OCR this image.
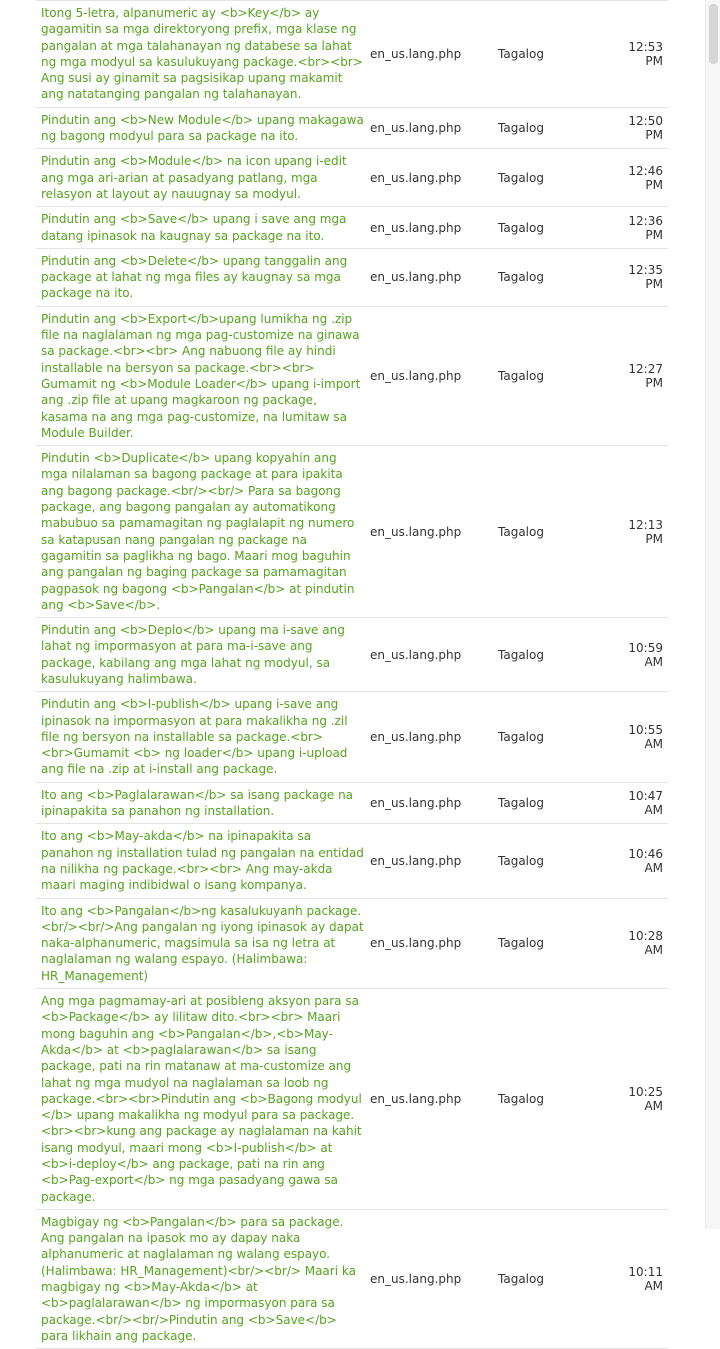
Itong 5-letra, alpanumeric ay <b>Key</b> ay gagamitin sa mga direktoryong prefix, mga klase ng pangalan at mga talahanayan ng databese sa lahat ng mga modyul sa kasulukuyang package.<br><br> Ang susi ay ginamit sa pagsisikap upang makamit ang natatanging pangalan ng talahanayan.	en_us.lang.php	Tagalog	12:53 PM
Pindutin ang <b>New Module</b> upang makagawa ng bagong modyul para sa package na ito.	en_us.lang.php	Tagalog	12:50 PM
Pindutin ang <b>Module</b> na icon upang i-edit ang mga ari-arian at pasadyang patlang, mga relasyon at layout ay nauugnay sa modyul.	en_us.lang.php	Tagalog	12:46 PM
Pindutin ang <b>Save</b> upang i save ang mga datang ipinasok na kaugnay sa package na ito.	en_us.lang.php	Tagalog	12:36 PM
Pindutin ang <b>Delete</b> upang tanggalin ang package at lahat ng mga files ay kaugnay sa mga package na ito.	en_us.lang.php	Tagalog	12:35 PM
Pindutin ang <b>Export</b>upang lumikha ng .zip file na naglalaman ng mga pag-customize na ginawa sa package.<br><br> Ang nabuong file ay hindi installable na bersyon sa package.<br><br> Gumamit ng <b>Module Loader</b> upang i-import ang .zip file at upang magkaroon ng package, kasama na ang mga pag-customize, na lumitaw sa Module Builder.	en_us.lang.php	Tagalog	12:27 PM
Pindutin <b>Duplicate</b> upang kopyahin ang mga nilalaman sa bagong package at para ipakita ang bagong package.<br/><br/> Para sa bagong package, ang bagong pangalan ay automatikong mabubuo sa pamamagitan ng paglalapit ng numero sa katapusan nang pangalan ng package na gagamitin sa paglikha ng bago. Maari mog baguhin ang pangalan ng baging package sa pamamagitan pagpasok ng bagong <b>Pangalan</b> at pindutin ang <b>Save</b>.	en_us.lang.php	Tagalog	12:13 PM
Pindutin ang <b>Deplo</b> upang ma i-save ang lahat ng impormasyon at para ma-i-save ang package, kabilang ang mga lahat ng modyul, sa kasulukuyang halimbawa.	en_us.lang.php	Tagalog	10:59 AM
Pindutin ang <b>I-publish</b> upang i-save ang ipinasok na impormasyon at para makalikha ng .zil file ng bersyon na installable sa package.<br><br>Gumamit <b> ng loader</b> upang i-upload ang file na .zip at i-install ang package.	en_us.lang.php	Tagalog	10:55 AM
Ito ang <b>Paglalarawan</b> sa isang package na ipinapakita sa panahon ng installation.	en_us.lang.php	Tagalog	10:47 AM
Ito ang <b>May-akda</b> na ipinapakita sa panahon ng installation tulad ng pangalan na entidad na nilikha ng package.<br><br> Ang may-akda maari maging indibidwal o isang kompanya.	en_us.lang.php	Tagalog	10:46 AM
Ito ang <b>Pangalan</b>ng kasalukuyanh package.<br/><br/>Ang pangalan ng iyong ipinasok ay dapat naka-alphanumeric, magsimula sa isa ng letra at naglalaman ng walang espayo. (Halimbawa: HR_Management)	en_us.lang.php	Tagalog	10:28 AM
Ang mga pagmamay-ari at posibleng aksyon para sa <b>Package</b> ay lilitaw dito.<br><br> Maari mong baguhin ang <b>Pangalan</b>,<b>May-Akda</b> at <b>paglalarawan</b> sa isang package, pati na rin matanaw at ma-customize ang lahat ng mga mudyol na naglalaman sa loob ng package.<br><br>Pindutin ang <b>Bagong modyul </b> upang makalikha ng modyul para sa package.<br><br>kung ang package ay naglalaman na kahit isang modyul, maari mong <b>I-publish</b> at <b>i-deploy</b> ang package, pati na rin ang <b>Pag-export</b> ng mga pasadyang gawa sa package.	en_us.lang.php	Tagalog	10:25 AM
Magbigay ng <b>Pangalan</b> para sa package. Ang pangalan na ipasok mo ay dapay naka alphanumeric at naglalaman ng walang espayo. (Halimbawa: HR_Management)<br/><br/> Maari ka magbigay ng <b>May-Akda</b> at <b>paglalarawan</b> ng impormasyon para sa package.<br/><br/>Pindutin ang <b>Save</b> para likhain ang package.	en_us.lang.php	Tagalog	10:11 AM
